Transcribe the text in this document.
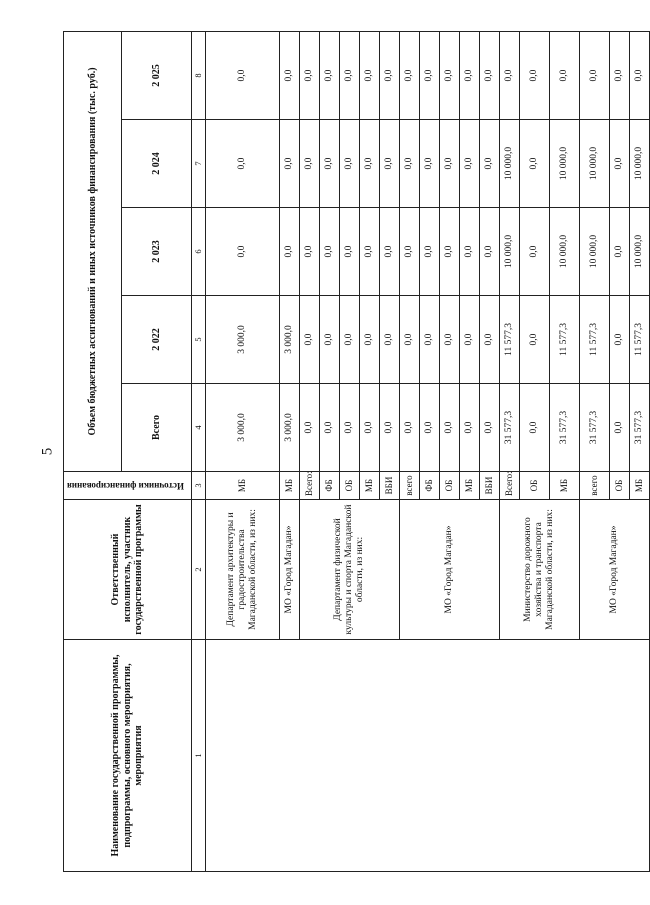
5
Наименование государственной программы, подпрограммы, основного мероприятия, мероприятия	Ответственный исполнитель, участник государственной программы	Источники финансирования	Объем бюджетных ассигнований и иных источников финансирования (тыс. руб.)				
			Всего	2 022	2 023	2 024	2 025
1	2	3	4	5	6	7	8
	Департамент архитектуры и градостроительства Магаданской области, из них:	МБ	3 000,0	3 000,0	0,0	0,0	0,0
	МО «Город Магадан»	МБ	3 000,0	3 000,0	0,0	0,0	0,0
	Департамент физической культуры и спорта Магаданской области, из них:	Всего:	0,0	0,0	0,0	0,0	0,0
		ФБ	0,0	0,0	0,0	0,0	0,0
		ОБ	0,0	0,0	0,0	0,0	0,0
		МБ	0,0	0,0	0,0	0,0	0,0
		ВБИ	0,0	0,0	0,0	0,0	0,0
	МО «Город Магадан»	всего	0,0	0,0	0,0	0,0	0,0
		ФБ	0,0	0,0	0,0	0,0	0,0
		ОБ	0,0	0,0	0,0	0,0	0,0
		МБ	0,0	0,0	0,0	0,0	0,0
		ВБИ	0,0	0,0	0,0	0,0	0,0
	Министерство дорожного хозяйства и транспорта Магаданской области, из них:	Всего:	31 577,3	11 577,3	10 000,0	10 000,0	0,0
		ОБ	0,0	0,0	0,0	0,0	0,0
		МБ	31 577,3	11 577,3	10 000,0	10 000,0	0,0
	МО «Город Магадан»	всего	31 577,3	11 577,3	10 000,0	10 000,0	0,0
		ОБ	0,0	0,0	0,0	0,0	0,0
		МБ	31 577,3	11 577,3	10 000,0	10 000,0	0,0
